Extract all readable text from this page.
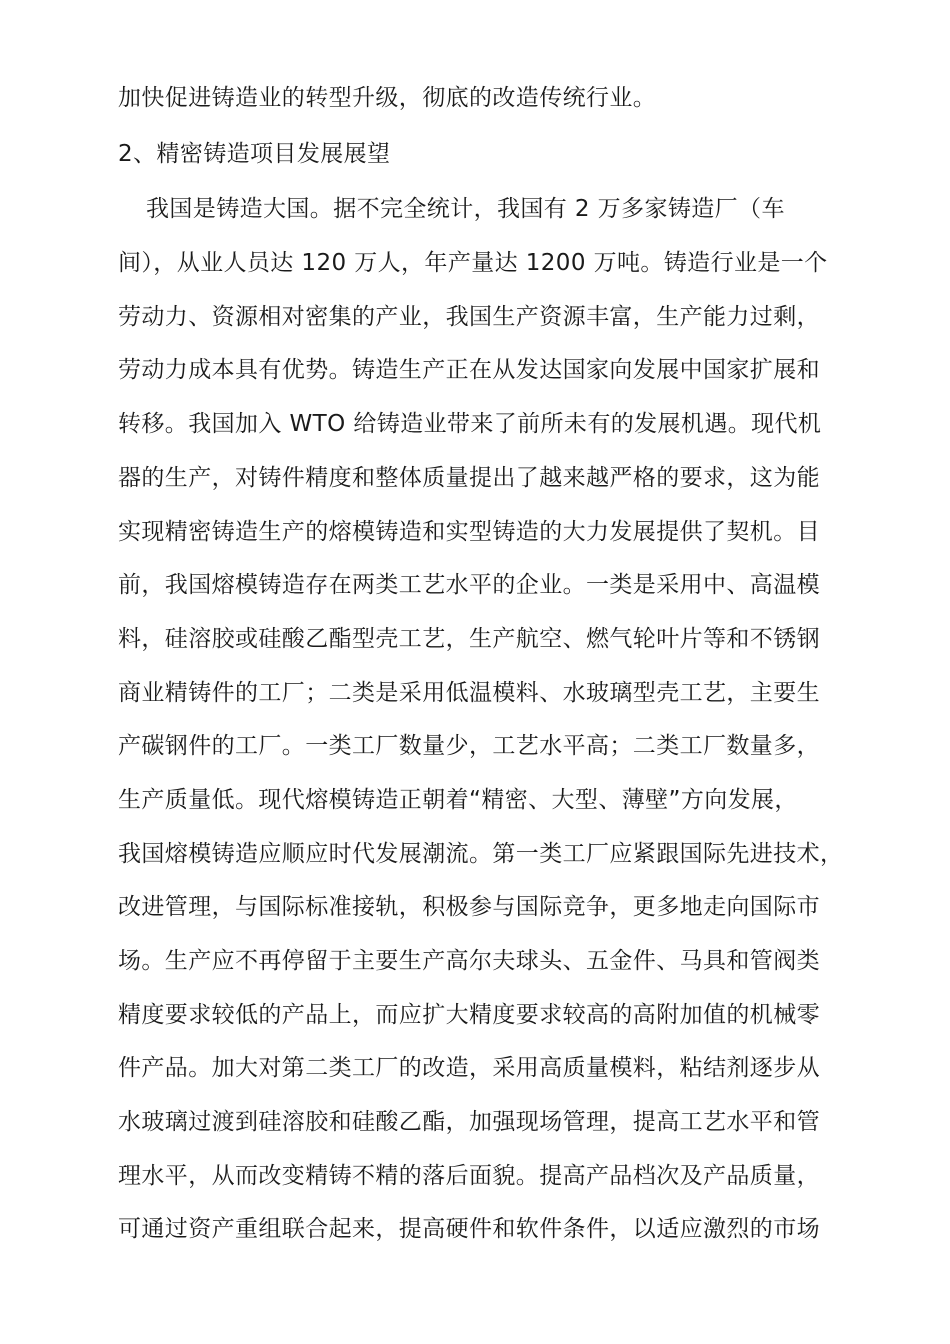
加快促进铸造业的转型升级，彻底的改造传统行业。
2、精密铸造项目发展展望
我国是铸造大国。据不完全统计，我国有 2 万多家铸造厂（车
间），从业人员达 120 万人，年产量达 1200 万吨。铸造行业是一个
劳动力、资源相对密集的产业，我国生产资源丰富，生产能力过剩，
劳动力成本具有优势。铸造生产正在从发达国家向发展中国家扩展和
转移。我国加入 WTO 给铸造业带来了前所未有的发展机遇。现代机
器的生产，对铸件精度和整体质量提出了越来越严格的要求，这为能
实现精密铸造生产的熔模铸造和实型铸造的大力发展提供了契机。目
前，我国熔模铸造存在两类工艺水平的企业。一类是采用中、高温模
料，硅溶胶或硅酸乙酯型壳工艺，生产航空、燃气轮叶片等和不锈钢
商业精铸件的工厂；二类是采用低温模料、水玻璃型壳工艺，主要生
产碳钢件的工厂。一类工厂数量少，工艺水平高；二类工厂数量多，
生产质量低。现代熔模铸造正朝着“精密、大型、薄壁”方向发展，
我国熔模铸造应顺应时代发展潮流。第一类工厂应紧跟国际先进技术，
改进管理，与国际标准接轨，积极参与国际竞争，更多地走向国际市
场。生产应不再停留于主要生产高尔夫球头、五金件、马具和管阀类
精度要求较低的产品上，而应扩大精度要求较高的高附加值的机械零
件产品。加大对第二类工厂的改造，采用高质量模料，粘结剂逐步从
水玻璃过渡到硅溶胶和硅酸乙酯，加强现场管理，提高工艺水平和管
理水平，从而改变精铸不精的落后面貌。提高产品档次及产品质量，
可通过资产重组联合起来，提高硬件和软件条件，以适应激烈的市场
